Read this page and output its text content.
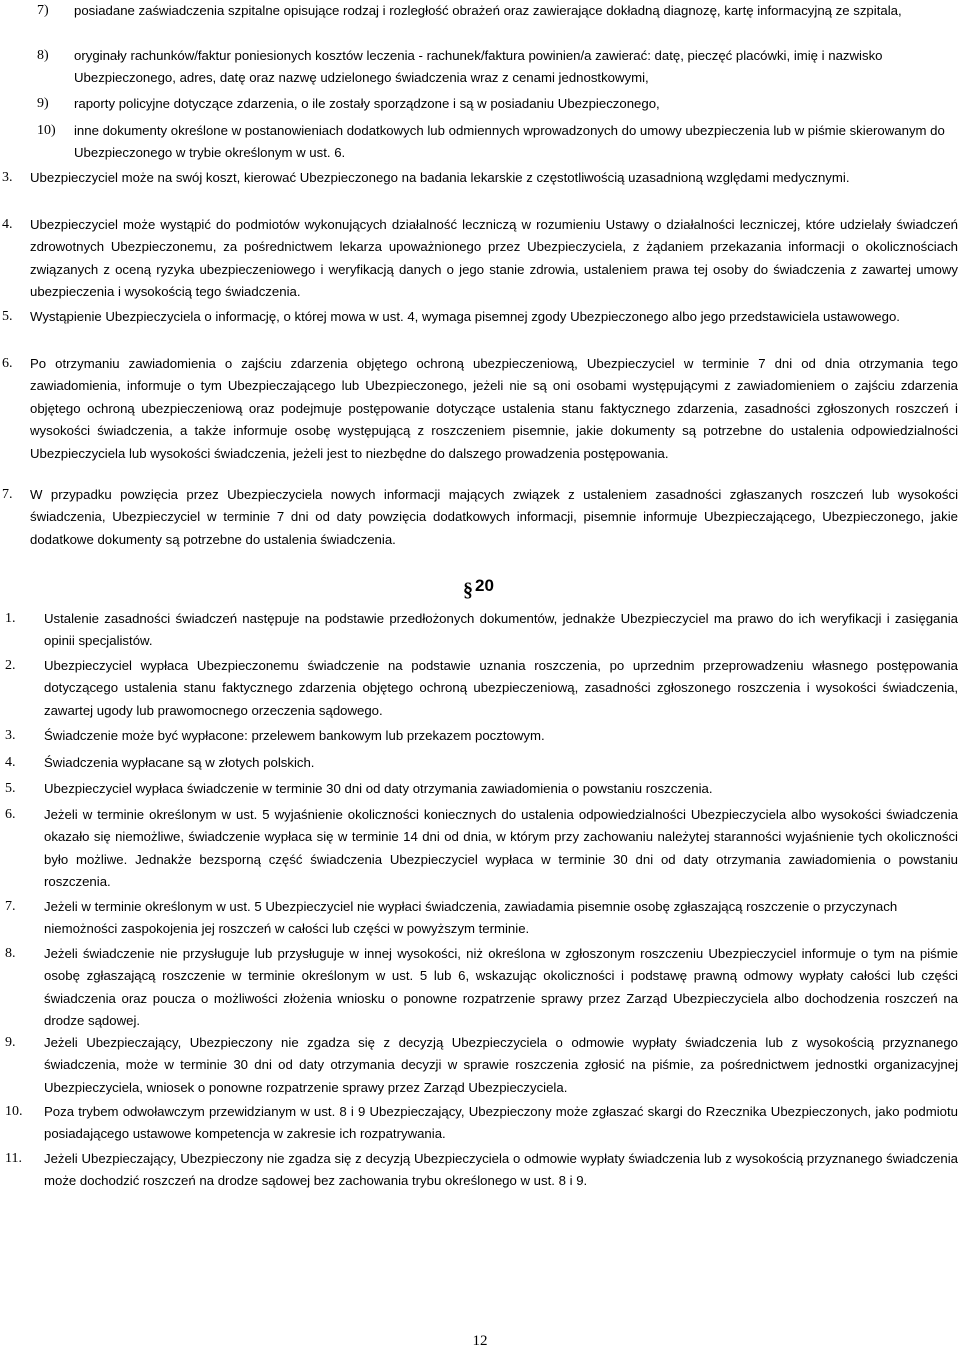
7) posiadane zaświadczenia szpitalne opisujące rodzaj i rozległość obrażeń oraz zawierające dokładną diagnozę, kartę informacyjną ze szpitala,
8) oryginały rachunków/faktur poniesionych kosztów leczenia - rachunek/faktura powinien/a zawierać: datę, pieczęć placówki, imię i nazwisko Ubezpieczonego, adres, datę oraz nazwę udzielonego świadczenia wraz z cenami jednostkowymi,
9) raporty policyjne dotyczące zdarzenia, o ile zostały sporządzone i są w posiadaniu Ubezpieczonego,
10) inne dokumenty określone w postanowieniach dodatkowych lub odmiennych wprowadzonych do umowy ubezpieczenia lub w piśmie skierowanym do Ubezpieczonego w trybie określonym w ust. 6.
3. Ubezpieczyciel może na swój koszt, kierować Ubezpieczonego na badania lekarskie z częstotliwością uzasadnioną względami medycznymi.
4. Ubezpieczyciel może wystąpić do podmiotów wykonujących działalność leczniczą w rozumieniu Ustawy o działalności leczniczej, które udzielały świadczeń zdrowotnych Ubezpieczonemu, za pośrednictwem lekarza upoważnionego przez Ubezpieczyciela, z żądaniem przekazania informacji o okolicznościach związanych z oceną ryzyka ubezpieczeniowego i weryfikacją danych o jego stanie zdrowia, ustaleniem prawa tej osoby do świadczenia z zawartej umowy ubezpieczenia i wysokością tego świadczenia.
5. Wystąpienie Ubezpieczyciela o informację, o której mowa w ust. 4, wymaga pisemnej zgody Ubezpieczonego albo jego przedstawiciela ustawowego.
6. Po otrzymaniu zawiadomienia o zajściu zdarzenia objętego ochroną ubezpieczeniową, Ubezpieczyciel w terminie 7 dni od dnia otrzymania tego zawiadomienia, informuje o tym Ubezpieczającego lub Ubezpieczonego, jeżeli nie są oni osobami występującymi z zawiadomieniem o zajściu zdarzenia objętego ochroną ubezpieczeniową oraz podejmuje postępowanie dotyczące ustalenia stanu faktycznego zdarzenia, zasadności zgłoszonych roszczeń i wysokości świadczenia, a także informuje osobę występującą z roszczeniem pisemnie, jakie dokumenty są potrzebne do ustalenia odpowiedzialności Ubezpieczyciela lub wysokości świadczenia, jeżeli jest to niezbędne do dalszego prowadzenia postępowania.
7. W przypadku powzięcia przez Ubezpieczyciela nowych informacji mających związek z ustaleniem zasadności zgłaszanych roszczeń lub wysokości świadczenia, Ubezpieczyciel w terminie 7 dni od daty powzięcia dodatkowych informacji, pisemnie informuje Ubezpieczającego, Ubezpieczonego, jakie dodatkowe dokumenty są potrzebne do ustalenia świadczenia.
§ 20
1. Ustalenie zasadności świadczeń następuje na podstawie przedłożonych dokumentów, jednakże Ubezpieczyciel ma prawo do ich weryfikacji i zasięgania opinii specjalistów.
2. Ubezpieczyciel wypłaca Ubezpieczonemu świadczenie na podstawie uznania roszczenia, po uprzednim przeprowadzeniu własnego postępowania dotyczącego ustalenia stanu faktycznego zdarzenia objętego ochroną ubezpieczeniową, zasadności zgłoszonego roszczenia i wysokości świadczenia, zawartej ugody lub prawomocnego orzeczenia sądowego.
3. Świadczenie może być wypłacone: przelewem bankowym lub przekazem pocztowym.
4. Świadczenia wypłacane są w złotych polskich.
5. Ubezpieczyciel wypłaca świadczenie w terminie 30 dni od daty otrzymania zawiadomienia o powstaniu roszczenia.
6. Jeżeli w terminie określonym w ust. 5 wyjaśnienie okoliczności koniecznych do ustalenia odpowiedzialności Ubezpieczyciela albo wysokości świadczenia okazało się niemożliwe, świadczenie wypłaca się w terminie 14 dni od dnia, w którym przy zachowaniu należytej staranności wyjaśnienie tych okoliczności było możliwe. Jednakże bezsporną część świadczenia Ubezpieczyciel wypłaca w terminie 30 dni od daty otrzymania zawiadomienia o powstaniu roszczenia.
7. Jeżeli w terminie określonym w ust. 5 Ubezpieczyciel nie wypłaci świadczenia, zawiadamia pisemnie osobę zgłaszającą roszczenie o przyczynach niemożności zaspokojenia jej roszczeń w całości lub części w powyższym terminie.
8. Jeżeli świadczenie nie przysługuje lub przysługuje w innej wysokości, niż określona w zgłoszonym roszczeniu Ubezpieczyciel informuje o tym na piśmie osobę zgłaszającą roszczenie w terminie określonym w ust. 5 lub 6, wskazując okoliczności i podstawę prawną odmowy wypłaty całości lub części świadczenia oraz poucza o możliwości złożenia wniosku o ponowne rozpatrzenie sprawy przez Zarząd Ubezpieczyciela albo dochodzenia roszczeń na drodze sądowej.
9. Jeżeli Ubezpieczający, Ubezpieczony nie zgadza się z decyzją Ubezpieczyciela o odmowie wypłaty świadczenia lub z wysokością przyznanego świadczenia, może w terminie 30 dni od daty otrzymania decyzji w sprawie roszczenia zgłosić na piśmie, za pośrednictwem jednostki organizacyjnej Ubezpieczyciela, wniosek o ponowne rozpatrzenie sprawy przez Zarząd Ubezpieczyciela.
10. Poza trybem odwoławczym przewidzianym w ust. 8 i 9 Ubezpieczający, Ubezpieczony może zgłaszać skargi do Rzecznika Ubezpieczonych, jako podmiotu posiadającego ustawowe kompetencja w zakresie ich rozpatrywania.
11. Jeżeli Ubezpieczający, Ubezpieczony nie zgadza się z decyzją Ubezpieczyciela o odmowie wypłaty świadczenia lub z wysokością przyznanego świadczenia może dochodzić roszczeń na drodze sądowej bez zachowania trybu określonego w ust. 8 i 9.
12
